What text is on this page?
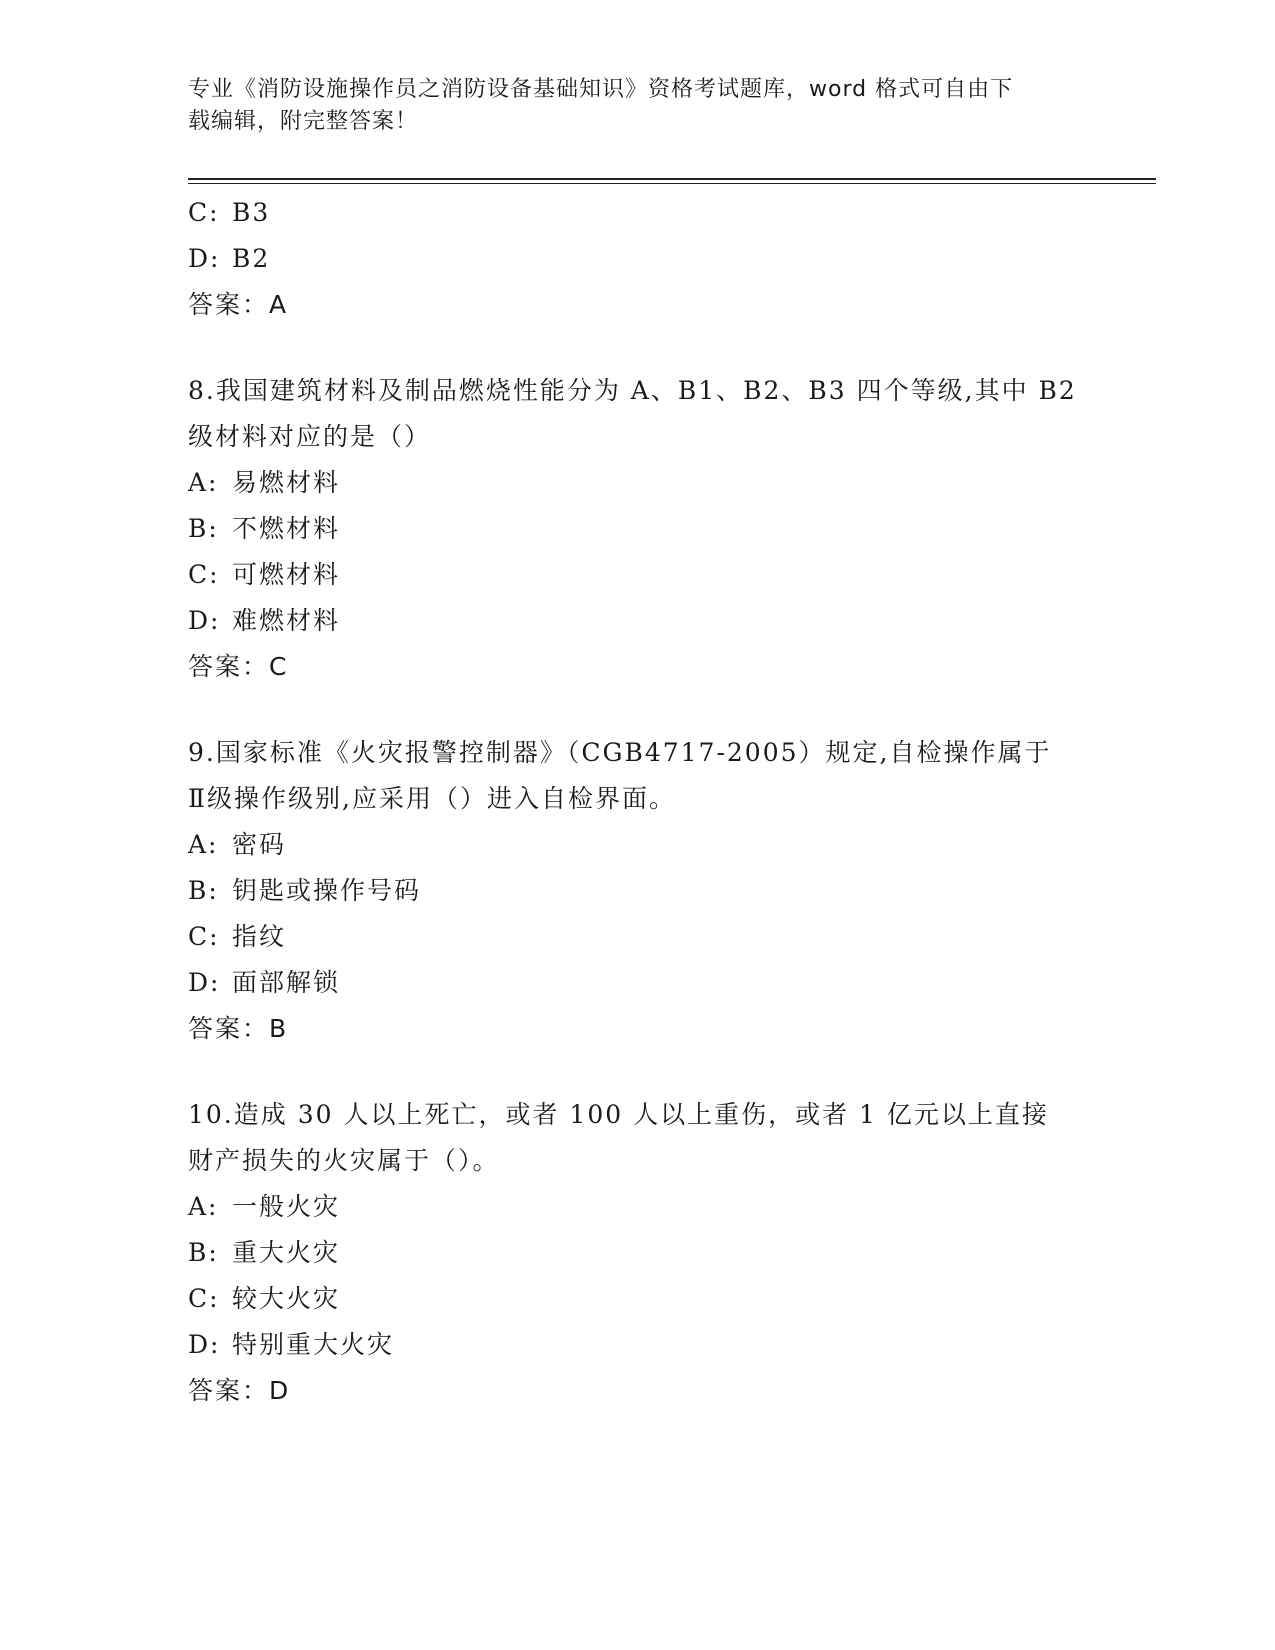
专业《消防设施操作员之消防设备基础知识》资格考试题库，word 格式可自由下
载编辑，附完整答案！
C: B3
D: B2
答案：A
8.我国建筑材料及制品燃烧性能分为 A、B1、B2、B3 四个等级,其中 B2
级材料对应的是（）
A: 易燃材料
B: 不燃材料
C: 可燃材料
D: 难燃材料
答案：C
9.国家标准《火灾报警控制器》（CGB4717-2005）规定,自检操作属于
Ⅱ级操作级别,应采用（）进入自检界面。
A: 密码
B: 钥匙或操作号码
C: 指纹
D: 面部解锁
答案：B
10.造成 30 人以上死亡，或者 100 人以上重伤，或者 1 亿元以上直接
财产损失的火灾属于（）。
A: 一般火灾
B: 重大火灾
C: 较大火灾
D: 特别重大火灾
答案：D
